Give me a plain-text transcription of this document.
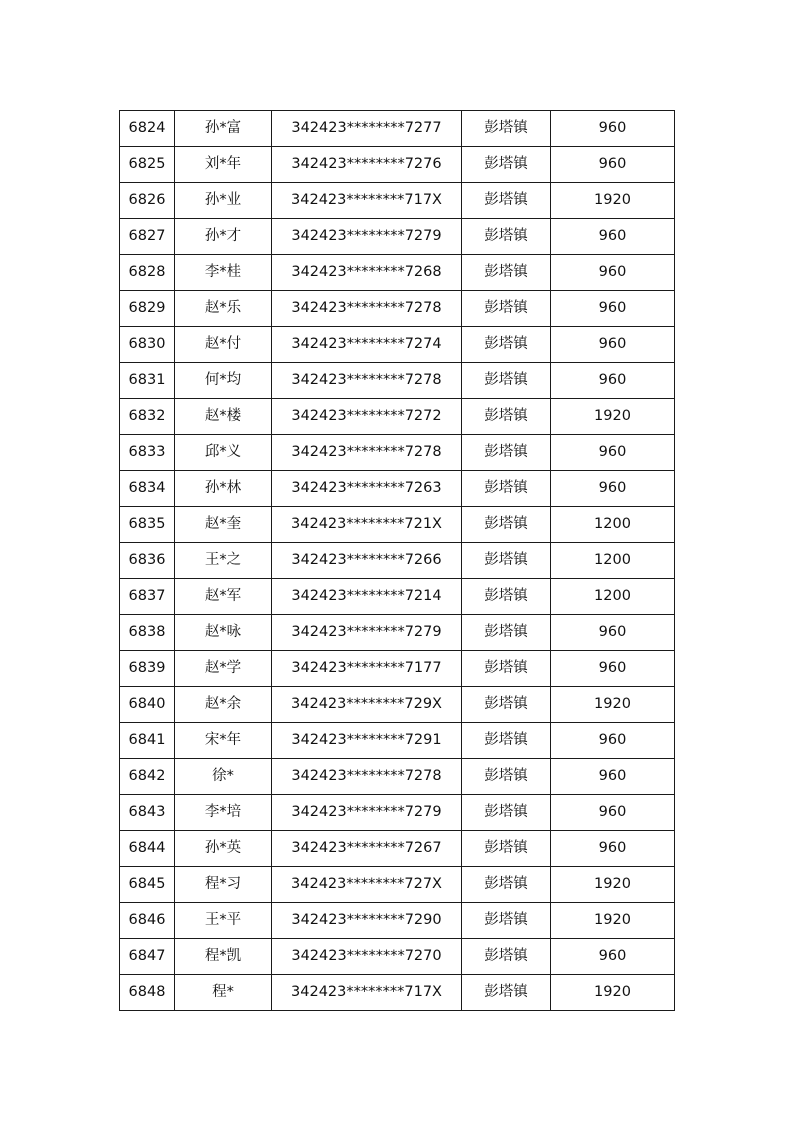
6824	孙*富	342423********7277	彭塔镇	960
6825	刘*年	342423********7276	彭塔镇	960
6826	孙*业	342423********717X	彭塔镇	1920
6827	孙*才	342423********7279	彭塔镇	960
6828	李*桂	342423********7268	彭塔镇	960
6829	赵*乐	342423********7278	彭塔镇	960
6830	赵*付	342423********7274	彭塔镇	960
6831	何*均	342423********7278	彭塔镇	960
6832	赵*楼	342423********7272	彭塔镇	1920
6833	邱*义	342423********7278	彭塔镇	960
6834	孙*林	342423********7263	彭塔镇	960
6835	赵*奎	342423********721X	彭塔镇	1200
6836	王*之	342423********7266	彭塔镇	1200
6837	赵*军	342423********7214	彭塔镇	1200
6838	赵*咏	342423********7279	彭塔镇	960
6839	赵*学	342423********7177	彭塔镇	960
6840	赵*余	342423********729X	彭塔镇	1920
6841	宋*年	342423********7291	彭塔镇	960
6842	徐*	342423********7278	彭塔镇	960
6843	李*培	342423********7279	彭塔镇	960
6844	孙*英	342423********7267	彭塔镇	960
6845	程*习	342423********727X	彭塔镇	1920
6846	王*平	342423********7290	彭塔镇	1920
6847	程*凯	342423********7270	彭塔镇	960
6848	程*	342423********717X	彭塔镇	1920
